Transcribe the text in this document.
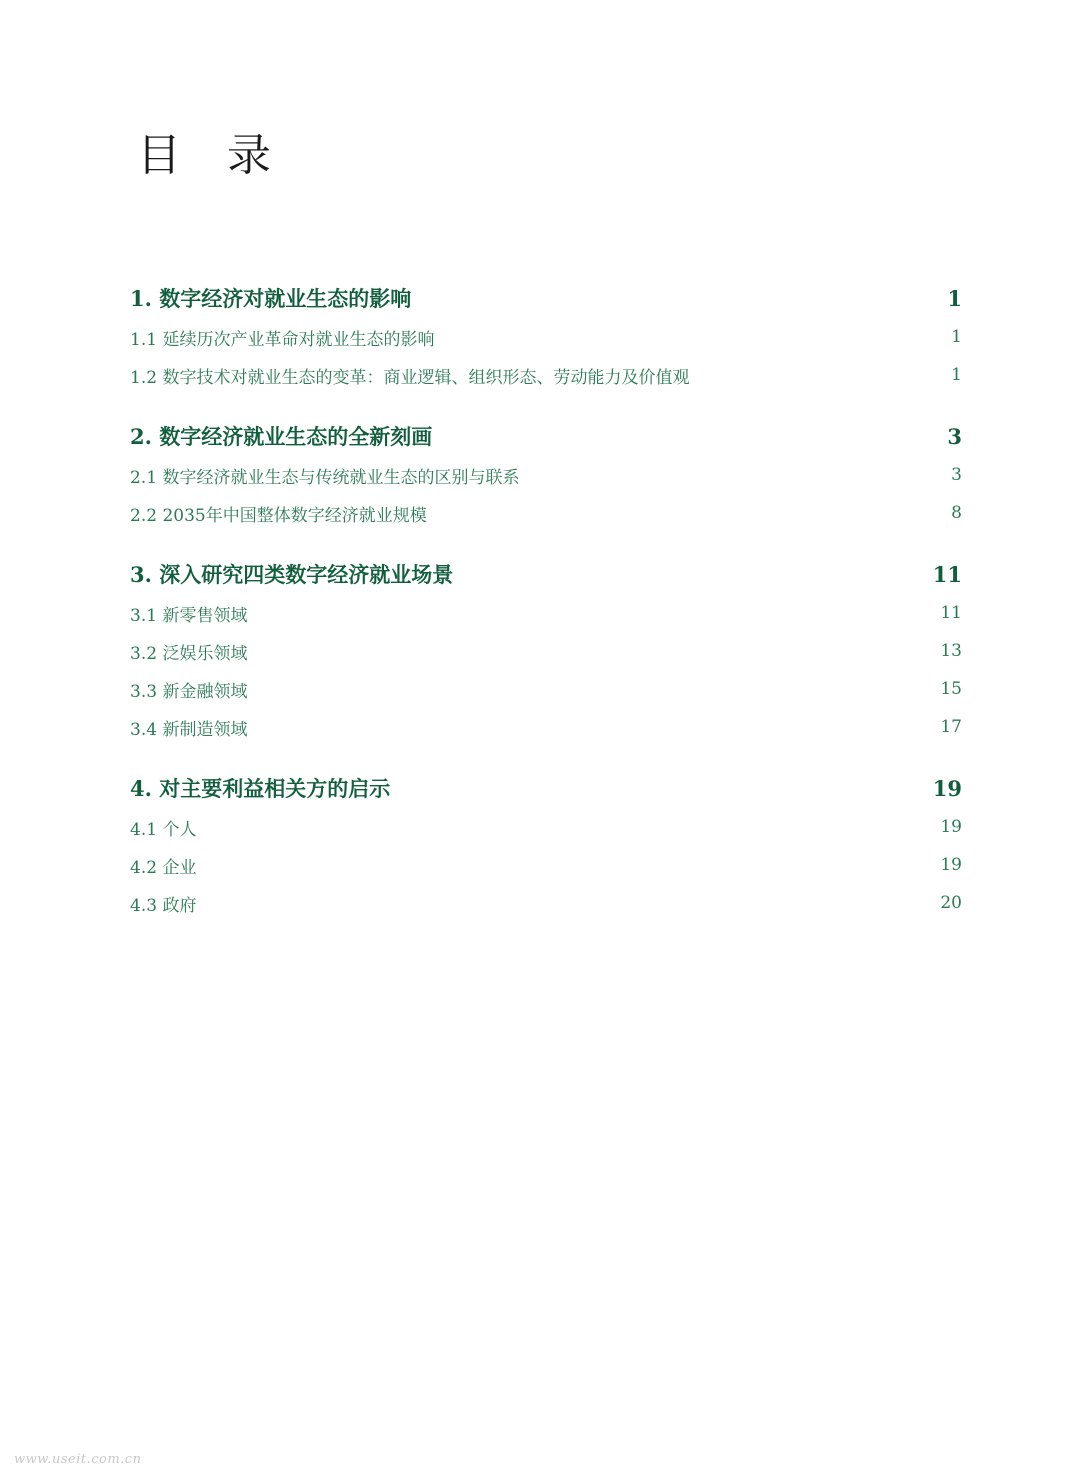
目 录
1. 数字经济对就业生态的影响	1
1.1 延续历次产业革命对就业生态的影响	1
1.2 数字技术对就业生态的变革：商业逻辑、组织形态、劳动能力及价值观	1
2. 数字经济就业生态的全新刻画	3
2.1 数字经济就业生态与传统就业生态的区别与联系	3
2.2 2035年中国整体数字经济就业规模	8
3. 深入研究四类数字经济就业场景	11
3.1 新零售领域	11
3.2 泛娱乐领域	13
3.3 新金融领域	15
3.4 新制造领域	17
4. 对主要利益相关方的启示	19
4.1 个人	19
4.2 企业	19
4.3 政府	20
www.useit.com.cn
